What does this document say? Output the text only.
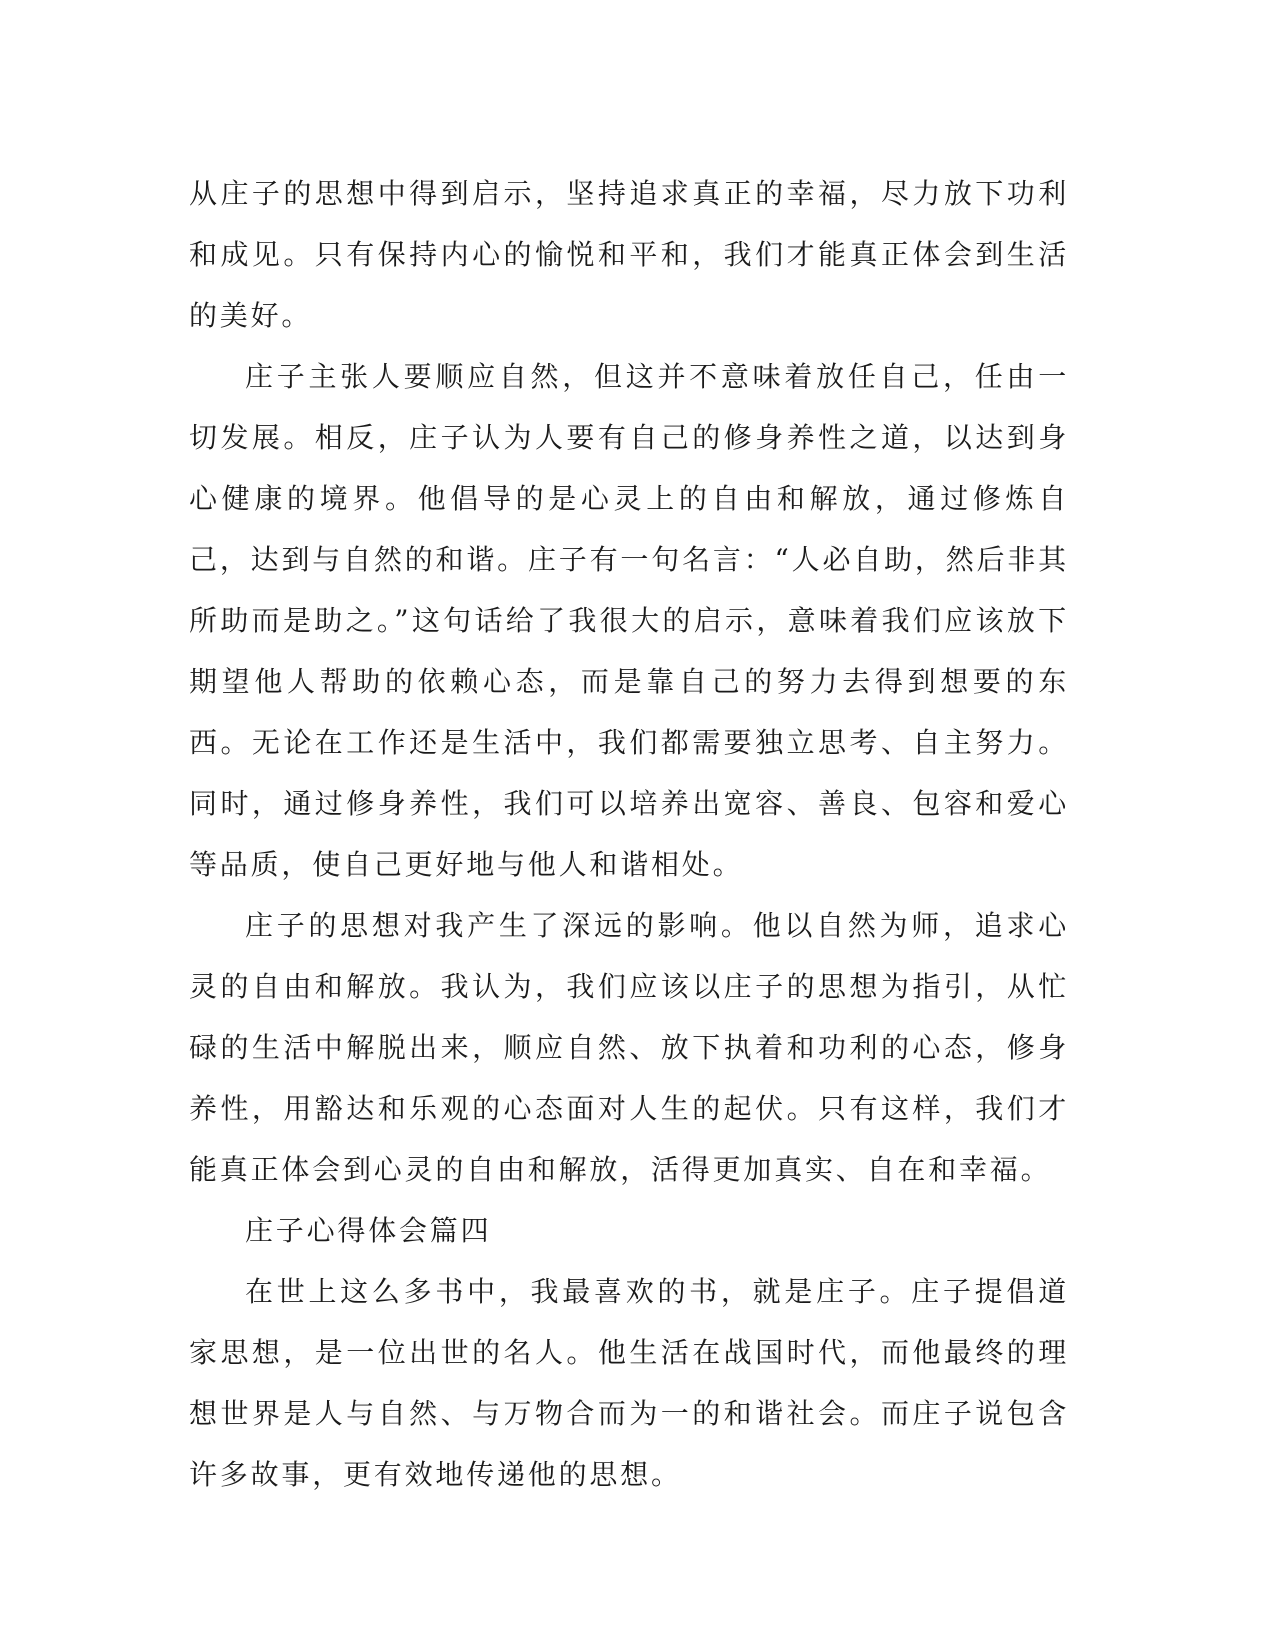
从庄子的思想中得到启示，坚持追求真正的幸福，尽力放下功利和成见。只有保持内心的愉悦和平和，我们才能真正体会到生活的美好。

庄子主张人要顺应自然，但这并不意味着放任自己，任由一切发展。相反，庄子认为人要有自己的修身养性之道，以达到身心健康的境界。他倡导的是心灵上的自由和解放，通过修炼自己，达到与自然的和谐。庄子有一句名言：“人必自助，然后非其所助而是助之。”这句话给了我很大的启示，意味着我们应该放下期望他人帮助的依赖心态，而是靠自己的努力去得到想要的东西。无论在工作还是生活中，我们都需要独立思考、自主努力。同时，通过修身养性，我们可以培养出宽容、善良、包容和爱心等品质，使自己更好地与他人和谐相处。

庄子的思想对我产生了深远的影响。他以自然为师，追求心灵的自由和解放。我认为，我们应该以庄子的思想为指引，从忙碌的生活中解脱出来，顺应自然、放下执着和功利的心态，修身养性，用豁达和乐观的心态面对人生的起伏。只有这样，我们才能真正体会到心灵的自由和解放，活得更加真实、自在和幸福。

庄子心得体会篇四

在世上这么多书中，我最喜欢的书，就是庄子。庄子提倡道家思想，是一位出世的名人。他生活在战国时代，而他最终的理想世界是人与自然、与万物合而为一的和谐社会。而庄子说包含许多故事，更有效地传递他的思想。
